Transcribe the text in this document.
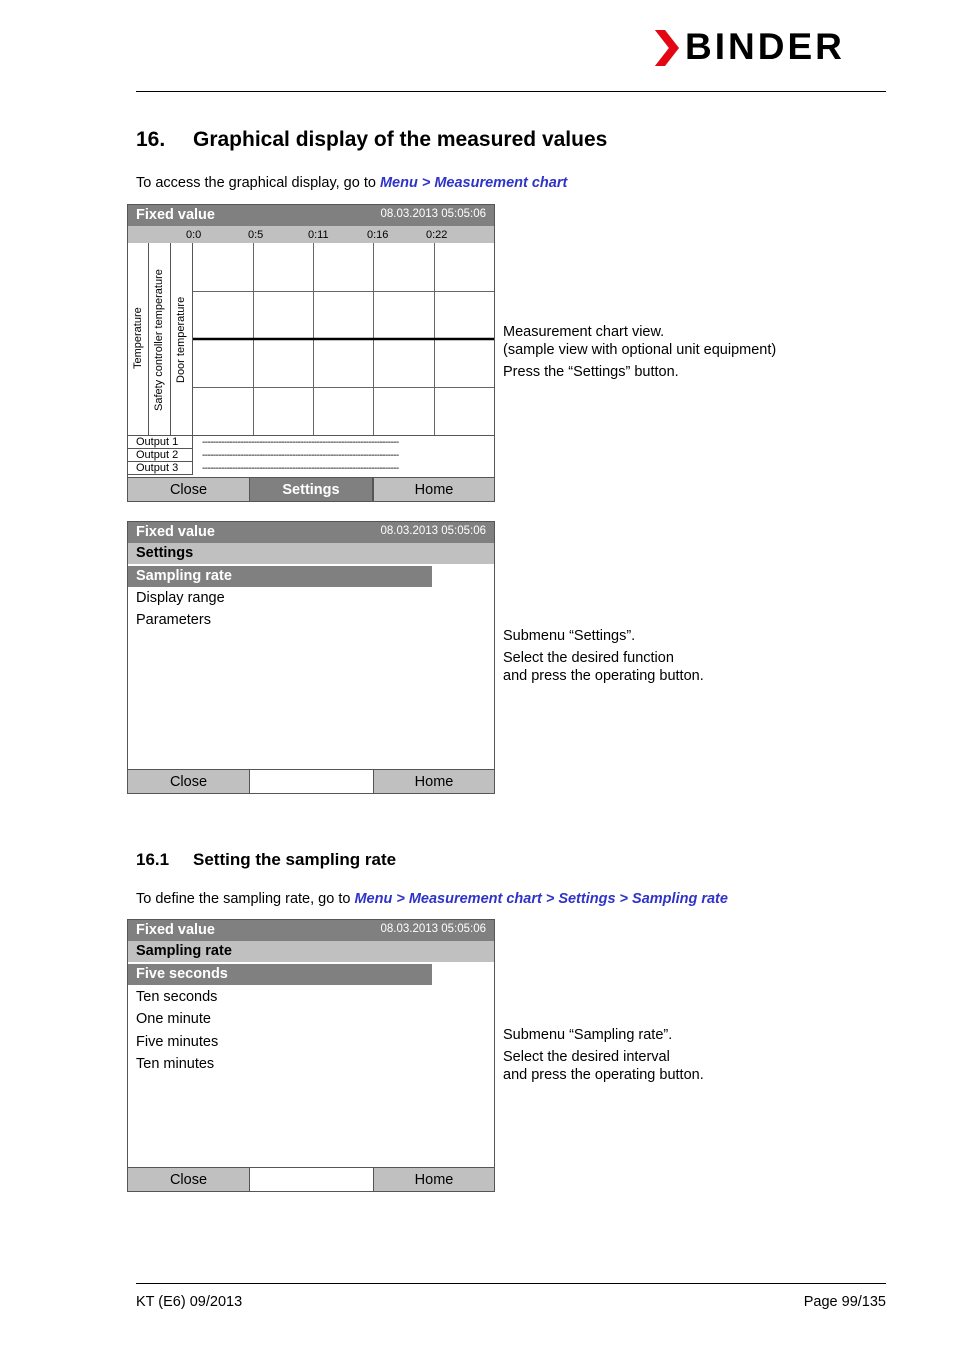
BINDER
16. Graphical display of the measured values
To access the graphical display, go to Menu > Measurement chart
Fixed value	08.03.2013 05:05:06
0:0	0:5	0:11	0:16	0:22
Temperature Safety controller temperature Door temperature
Output 1
Output 2
Output 3
------------------------------------------------------------------------
------------------------------------------------------------------------
------------------------------------------------------------------------
Close	Settings	Home
Measurement chart view.
(sample view with optional unit equipment)
Press the “Settings” button.
Fixed value	08.03.2013 05:05:06
Settings
Sampling rate
Display range
Parameters
Close	Home
Submenu “Settings”.
Select the desired function
and press the operating button.
16.1 Setting the sampling rate
To define the sampling rate, go to Menu > Measurement chart > Settings > Sampling rate
Fixed value	08.03.2013 05:05:06
Sampling rate
Five seconds
Ten seconds
One minute
Five minutes
Ten minutes
Close	Home
Submenu “Sampling rate”.
Select the desired interval
and press the operating button.
KT (E6) 09/2013	Page 99/135
